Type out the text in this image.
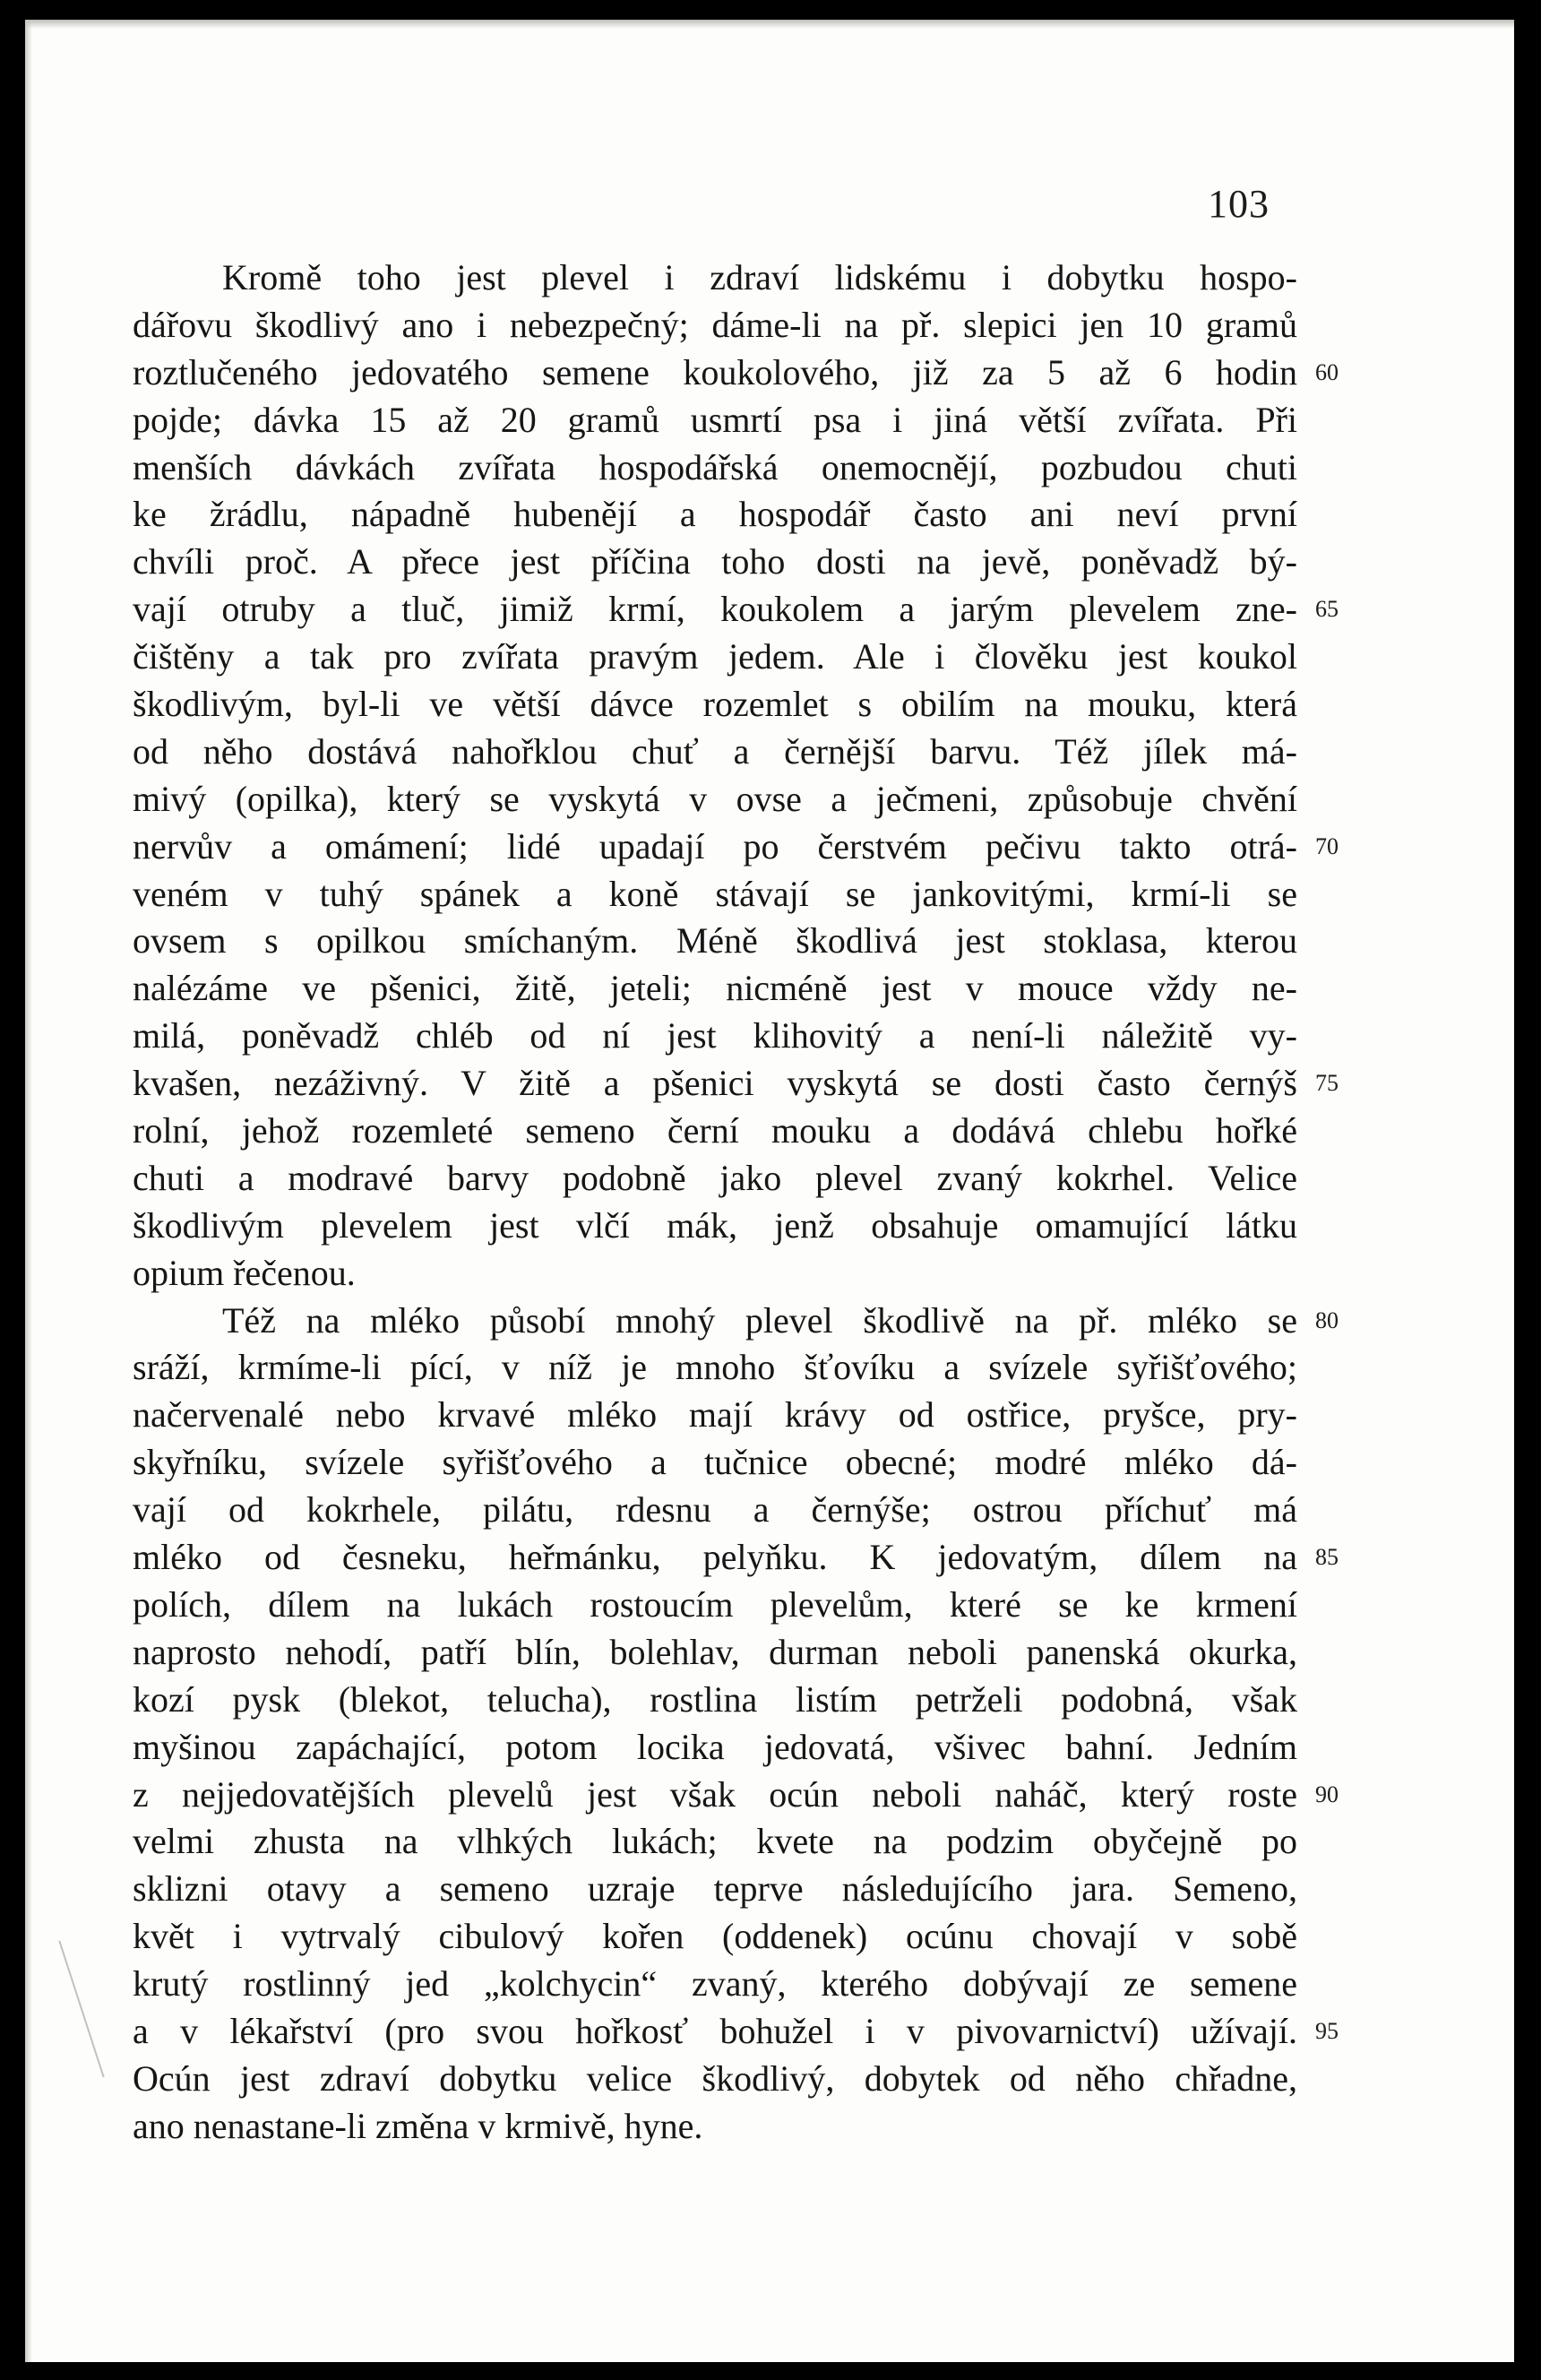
103
Kromě toho jest plevel i zdraví lidskému i dobytku hospo-
dářovu škodlivý ano i nebezpečný; dáme-li na př. slepici jen 10 gramů
roztlučeného jedovatého semene koukolového, již za 5 až 6 hodin 60
pojde; dávka 15 až 20 gramů usmrtí psa i jiná větší zvířata. Při
menších dávkách zvířata hospodářská onemocnějí, pozbudou chuti
ke žrádlu, nápadně hubenějí a hospodář často ani neví první
chvíli proč. A přece jest příčina toho dosti na jevě, poněvadž bý-
vají otruby a tluč, jimiž krmí, koukolem a jarým plevelem zne- 65
čištěny a tak pro zvířata pravým jedem. Ale i člověku jest koukol
škodlivým, byl-li ve větší dávce rozemlet s obilím na mouku, která
od něho dostává nahořklou chuť a černější barvu. Též jílek má-
mivý (opilka), který se vyskytá v ovse a ječmeni, způsobuje chvění
nervův a omámení; lidé upadají po čerstvém pečivu takto otrá- 70
veném v tuhý spánek a koně stávají se jankovitými, krmí-li se
ovsem s opilkou smíchaným. Méně škodlivá jest stoklasa, kterou
nalézáme ve pšenici, žitě, jeteli; nicméně jest v mouce vždy ne-
milá, poněvadž chléb od ní jest klihovitý a není-li náležitě vy-
kvašen, nezáživný. V žitě a pšenici vyskytá se dosti často černýš 75
rolní, jehož rozemleté semeno černí mouku a dodává chlebu hořké
chuti a modravé barvy podobně jako plevel zvaný kokrhel. Velice
škodlivým plevelem jest vlčí mák, jenž obsahuje omamující látku
opium řečenou.
Též na mléko působí mnohý plevel škodlivě na př. mléko se 80
sráží, krmíme-li pící, v níž je mnoho šťovíku a svízele syřišťového;
načervenalé nebo krvavé mléko mají krávy od ostřice, pryšce, pry-
skyřníku, svízele syřišťového a tučnice obecné; modré mléko dá-
vají od kokrhele, pilátu, rdesnu a černýše; ostrou příchuť má
mléko od česneku, heřmánku, pelyňku. K jedovatým, dílem na 85
polích, dílem na lukách rostoucím plevelům, které se ke krmení
naprosto nehodí, patří blín, bolehlav, durman neboli panenská okurka,
kozí pysk (blekot, telucha), rostlina listím petrželi podobná, však
myšinou zapáchající, potom locika jedovatá, všivec bahní. Jedním
z nejjedovatějších plevelů jest však ocún neboli naháč, který roste 90
velmi zhusta na vlhkých lukách; kvete na podzim obyčejně po
sklizni otavy a semeno uzraje teprve následujícího jara. Semeno,
květ i vytrvalý cibulový kořen (oddenek) ocúnu chovají v sobě
krutý rostlinný jed „kolchycin“ zvaný, kterého dobývají ze semene
a v lékařství (pro svou hořkosť bohužel i v pivovarnictví) užívají. 95
Ocún jest zdraví dobytku velice škodlivý, dobytek od něho chřadne,
ano nenastane-li změna v krmivě, hyne.
